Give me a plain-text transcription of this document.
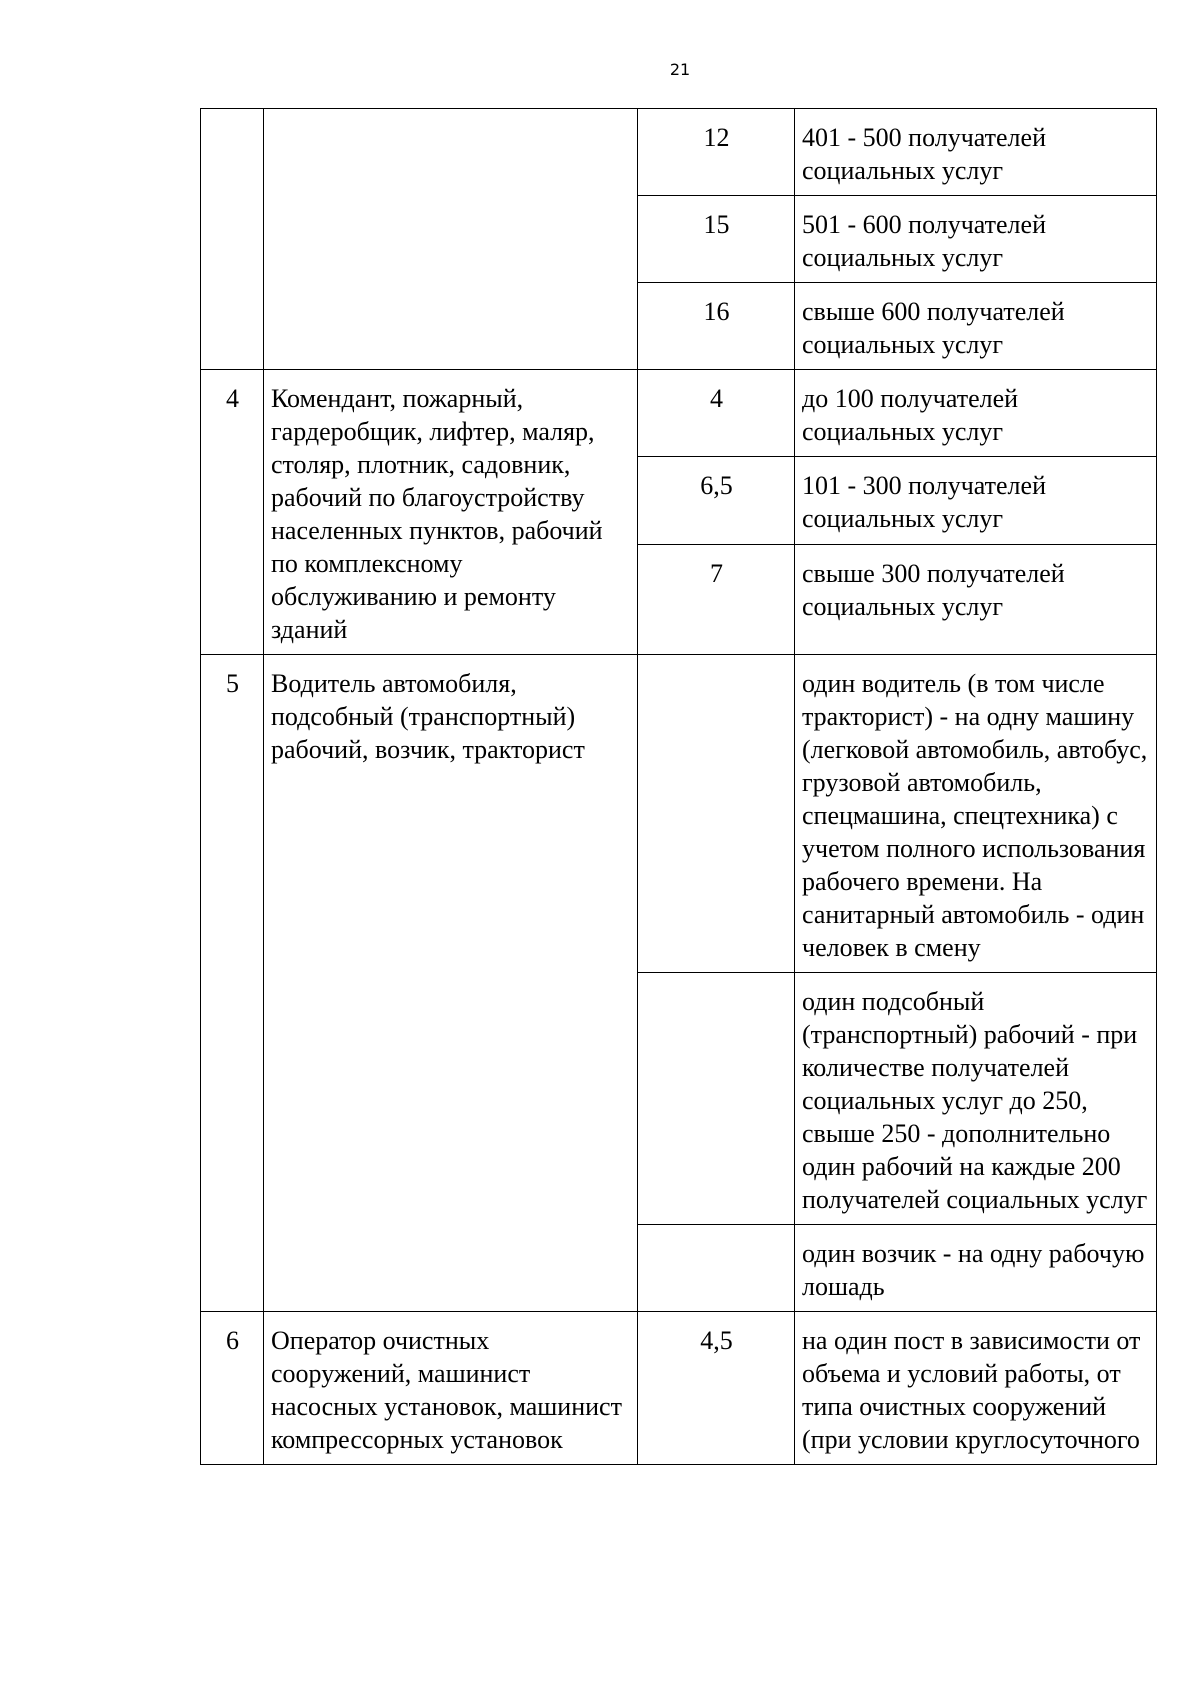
21
		12	401 - 500 получателей социальных услуг
		15	501 - 600 получателей социальных услуг
		16	свыше 600 получателей социальных услуг
4	Комендант, пожарный, гардеробщик, лифтер, маляр, столяр, плотник, садовник, рабочий по благоустройству населенных пунктов, рабочий по комплексному обслуживанию и ремонту зданий	4	до 100 получателей социальных услуг
		6,5	101 - 300 получателей социальных услуг
		7	свыше 300 получателей социальных услуг
5	Водитель автомобиля, подсобный (транспортный) рабочий, возчик, тракторист		один водитель (в том числе тракторист) - на одну машину (легковой автомобиль, автобус, грузовой автомобиль, спецмашина, спецтехника) с учетом полного использования рабочего времени. На санитарный автомобиль - один человек в смену
			один подсобный (транспортный) рабочий - при количестве получателей социальных услуг до 250, свыше 250 - дополнительно один рабочий на каждые 200 получателей социальных услуг
			один возчик - на одну рабочую лошадь
6	Оператор очистных сооружений, машинист насосных установок, машинист компрессорных установок	4,5	на один пост в зависимости от объема и условий работы, от типа очистных сооружений (при условии круглосуточного
